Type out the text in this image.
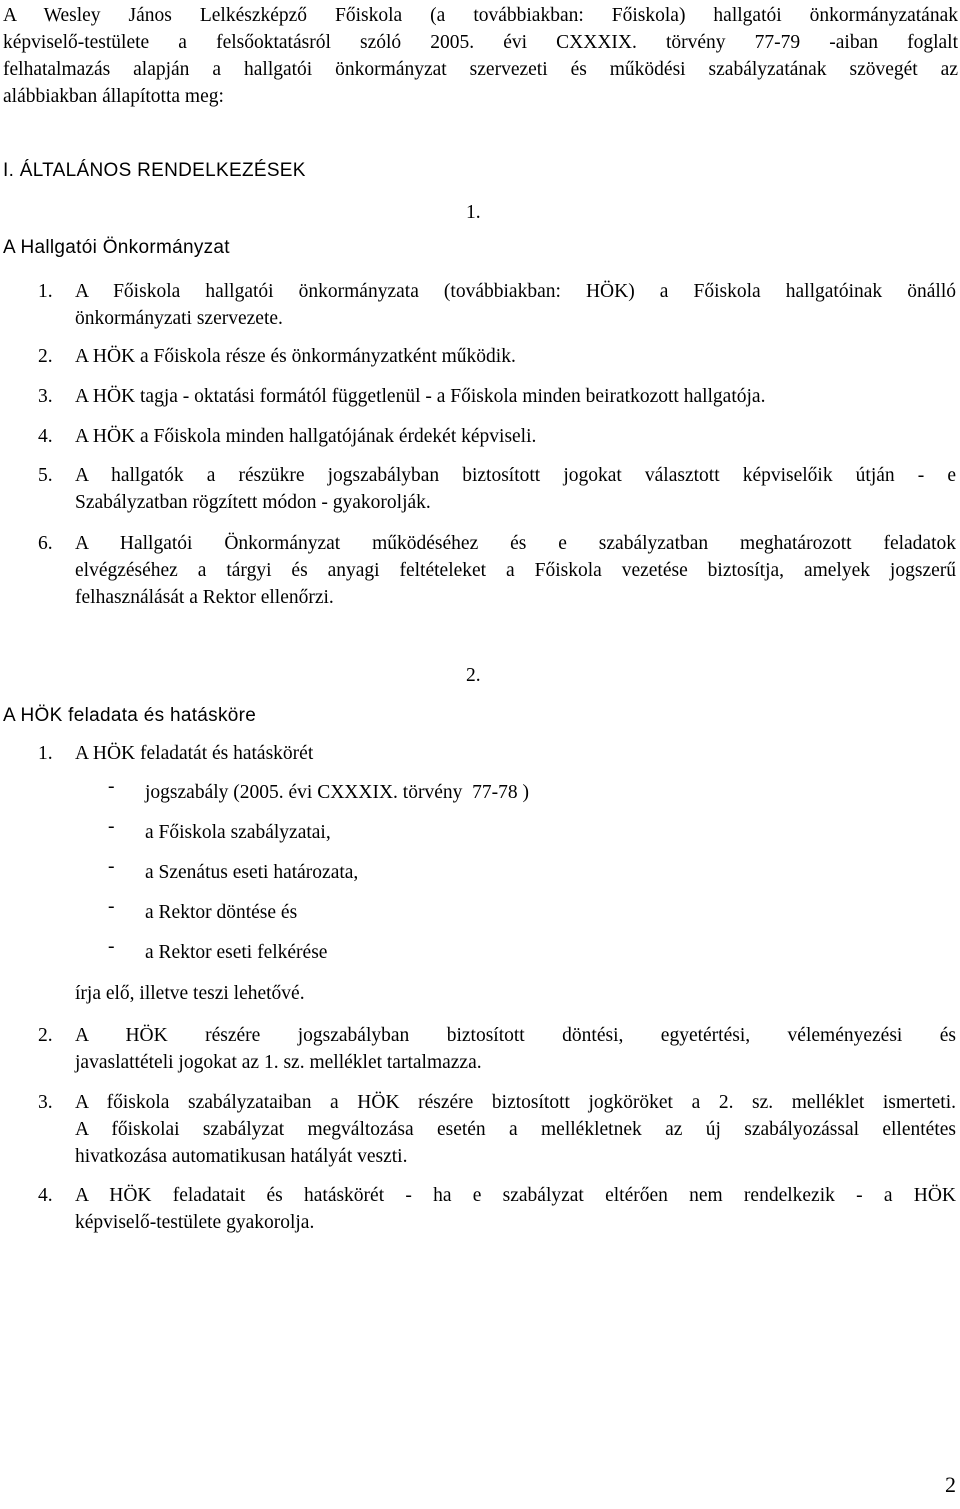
A Wesley János Lelkészképző Főiskola (a továbbiakban: Főiskola) hallgatói önkormányzatának
képviselő-testülete a felsőoktatásról szóló 2005. évi CXXXIX. törvény 77-79 -aiban foglalt
felhatalmazás alapján a hallgatói önkormányzat szervezeti és működési szabályzatának szövegét az
alábbiakban állapította meg:
I. ÁLTALÁNOS RENDELKEZÉSEK
1.
A Hallgatói Önkormányzat
1. A Főiskola hallgatói önkormányzata (továbbiakban: HÖK) a Főiskola hallgatóinak önálló
önkormányzati szervezete.
2. A HÖK a Főiskola része és önkormányzatként működik.
3. A HÖK tagja - oktatási formától függetlenül - a Főiskola minden beiratkozott hallgatója.
4. A HÖK a Főiskola minden hallgatójának érdekét képviseli.
5. A hallgatók a részükre jogszabályban biztosított jogokat választott képviselőik útján - e
Szabályzatban rögzített módon - gyakorolják.
6. A Hallgatói Önkormányzat működéséhez és e szabályzatban meghatározott feladatok
elvégzéséhez a tárgyi és anyagi feltételeket a Főiskola vezetése biztosítja, amelyek jogszerű
felhasználását a Rektor ellenőrzi.
2.
A HÖK feladata és hatásköre
1. A HÖK feladatát és hatáskörét
- jogszabály (2005. évi CXXXIX. törvény  77-78 )
- a Főiskola szabályzatai,
- a Szenátus eseti határozata,
- a Rektor döntése és
- a Rektor eseti felkérése
írja elő, illetve teszi lehetővé.
2. A HÖK részére jogszabályban biztosított döntési, egyetértési, véleményezési és
javaslattételi jogokat az 1. sz. melléklet tartalmazza.
3. A főiskola szabályzataiban a HÖK részére biztosított jogköröket a 2. sz. melléklet ismerteti.
A főiskolai szabályzat megváltozása esetén a mellékletnek az új szabályozással ellentétes
hivatkozása automatikusan hatályát veszti.
4. A HÖK feladatait és hatáskörét - ha e szabályzat eltérően nem rendelkezik - a HÖK
képviselő-testülete gyakorolja.
2
